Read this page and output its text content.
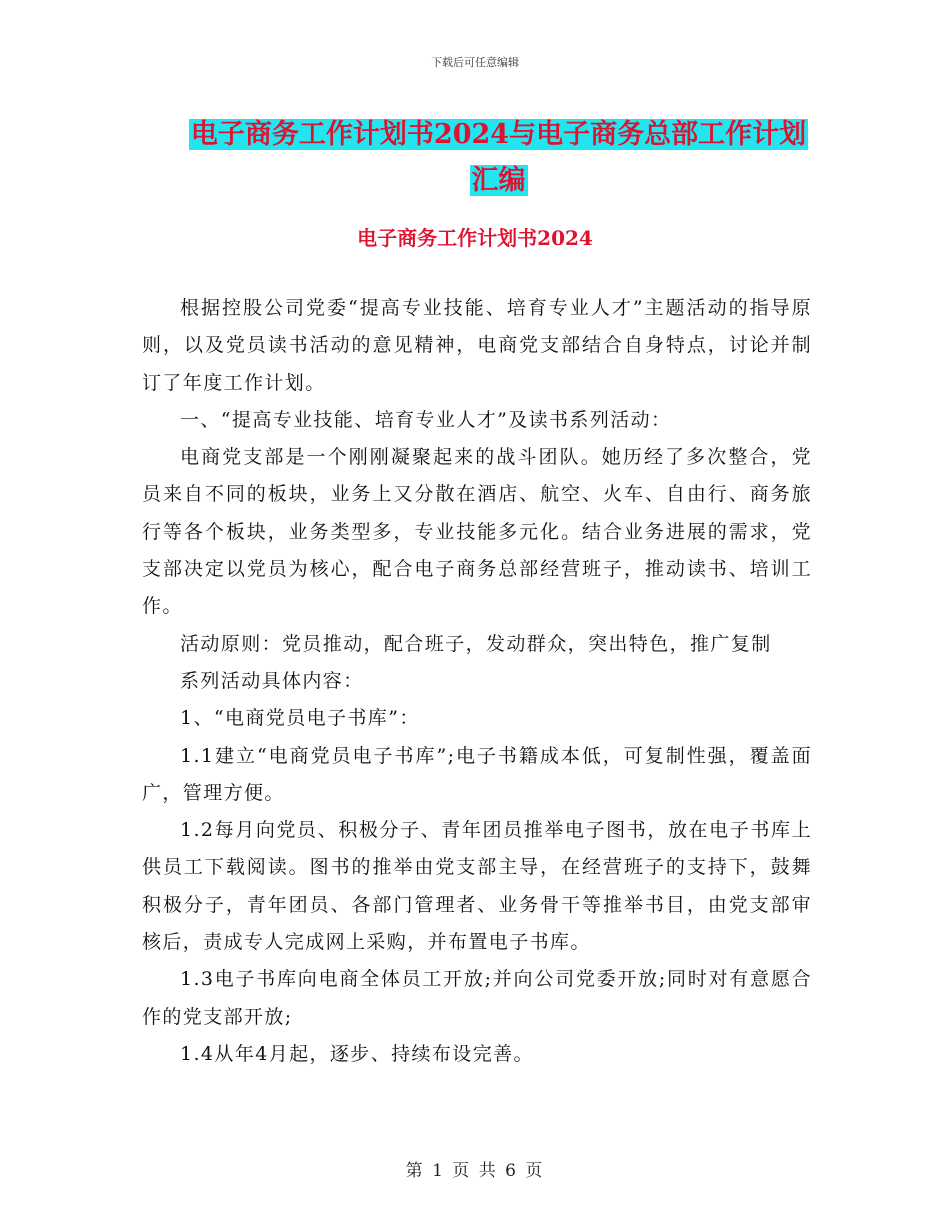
下载后可任意编辑
电子商务工作计划书2024与电子商务总部工作计划汇编
电子商务工作计划书2024

根据控股公司党委“提高专业技能、培育专业人才”主题活动的指导原则，以及党员读书活动的意见精神，电商党支部结合自身特点，讨论并制订了年度工作计划。

一、“提高专业技能、培育专业人才”及读书系列活动：

电商党支部是一个刚刚凝聚起来的战斗团队。她历经了多次整合，党员来自不同的板块，业务上又分散在酒店、航空、火车、自由行、商务旅行等各个板块，业务类型多，专业技能多元化。结合业务进展的需求，党支部决定以党员为核心，配合电子商务总部经营班子，推动读书、培训工作。

活动原则：党员推动，配合班子，发动群众，突出特色，推广复制

系列活动具体内容：

1、“电商党员电子书库”：

1.1建立“电商党员电子书库”;电子书籍成本低，可复制性强，覆盖面广，管理方便。

1.2每月向党员、积极分子、青年团员推举电子图书，放在电子书库上供员工下载阅读。图书的推举由党支部主导，在经营班子的支持下，鼓舞积极分子，青年团员、各部门管理者、业务骨干等推举书目，由党支部审核后，责成专人完成网上采购，并布置电子书库。

1.3电子书库向电商全体员工开放;并向公司党委开放;同时对有意愿合作的党支部开放;

1.4从年4月起，逐步、持续布设完善。

第 1 页 共 6 页
